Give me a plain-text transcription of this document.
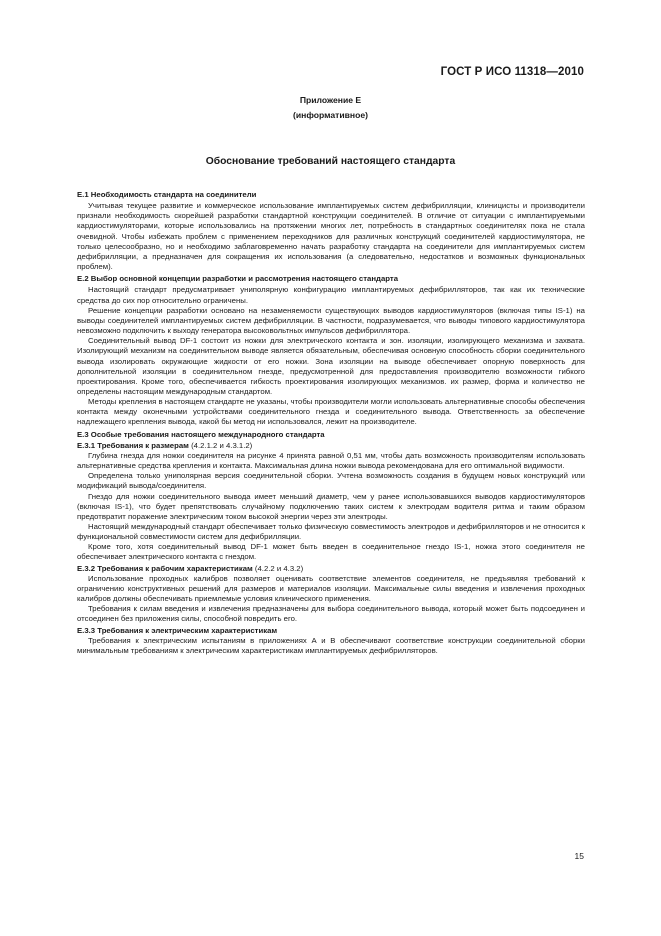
ГОСТ Р ИСО 11318—2010
Приложение Е
(информативное)
Обоснование требований настоящего стандарта

Е.1 Необходимость стандарта на соединители

Учитывая текущее развитие и коммерческое использование имплантируемых систем дефибрилляции, клиницисты и производители признали необходимость скорейшей разработки стандартной конструкции соединителей. В отличие от ситуации с имплантируемыми кардиостимуляторами, которые использовались на протяжении многих лет, потребность в стандартных соединителях пока не стала очевидной. Чтобы избежать проблем с применением переходников для различных конструкций соединителей кардиостимулятора, не только целесообразно, но и необходимо заблаговременно начать разработку стандарта на соединители для имплантируемых систем дефибрилляции, а предназначен для сокращения их использования (а следовательно, недостатков и возможных функциональных проблем).

Е.2 Выбор основной концепции разработки и рассмотрения настоящего стандарта

Настоящий стандарт предусматривает униполярную конфигурацию имплантируемых дефибрилляторов, так как их технические средства до сих пор относительно ограничены.

Решение концепции разработки основано на незаменяемости существующих выводов кардиостимуляторов (включая типы IS-1) на выводы соединителей имплантируемых систем дефибрилляции. В частности, подразумевается, что выводы типового кардиостимулятора невозможно подключить к выходу генератора высоковольтных импульсов дефибриллятора.

Соединительный вывод DF-1 состоит из ножки для электрического контакта и зон. изоляции, изолирующего механизма и захвата. Изолирующий механизм на соединительном выводе является обязательным, обеспечивая основную способность сборки соединительного вывода изолировать окружающие жидкости от его ножки. Зона изоляции на выводе обеспечивает опорную поверхность для дополнительной изоляции в соединительном гнезде, предусмотренной для предоставления производителю возможности гибкого проектирования. Кроме того, обеспечивается гибкость проектирования изолирующих механизмов. их размер, форма и количество не определены настоящим международным стандартом.

Методы крепления в настоящем стандарте не указаны, чтобы производители могли использовать альтернативные способы обеспечения контакта между оконечными устройствами соединительного гнезда и соединительного вывода. Ответственность за обеспечение надлежащего крепления вывода, какой бы метод ни использовался, лежит на производителе.

Е.3 Особые требования настоящего международного стандарта

Е.3.1 Требования к размерам (4.2.1.2 и 4.3.1.2)

Глубина гнезда для ножки соединителя на рисунке 4 принята равной 0,51 мм, чтобы дать возможность производителям использовать альтернативные средства крепления и контакта. Максимальная длина ножки вывода рекомендована для его оптимальной видимости.

Определена только униполярная версия соединительной сборки. Учтена возможность создания в будущем новых конструкций или модификаций вывода/соединителя.

Гнездо для ножки соединительного вывода имеет меньший диаметр, чем у ранее использовавшихся выводов кардиостимуляторов (включая IS-1), что будет препятствовать случайному подключению таких систем к электродам водителя ритма и таким образом предотвратит поражение электрическим током высокой энергии через эти электроды.

Настоящий международный стандарт обеспечивает только физическую совместимость электродов и дефибрилляторов и не относится к функциональной совместимости систем для дефибрилляции.

Кроме того, хотя соединительный вывод DF-1 может быть введен в соединительное гнездо IS-1, ножка этого соединителя не обеспечивает электрического контакта с гнездом.

Е.3.2 Требования к рабочим характеристикам (4.2.2 и 4.3.2)

Использование проходных калибров позволяет оценивать соответствие элементов соединителя, не предъявляя требований к ограничению конструктивных решений для размеров и материалов изоляции. Максимальные силы введения и извлечения проходных калибров должны обеспечивать приемлемые условия клинического применения.

Требования к силам введения и извлечения предназначены для выбора соединительного вывода, который может быть подсоединен и отсоединен без приложения силы, способной повредить его.

Е.3.3 Требования к электрическим характеристикам

Требования к электрическим испытаниям в приложениях А и В обеспечивают соответствие конструкции соединительной сборки минимальным требованиям к электрическим характеристикам имплантируемых дефибрилляторов.

15
